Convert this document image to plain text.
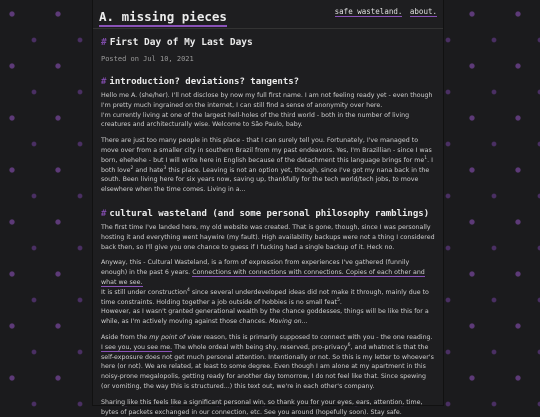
A. missing pieces	safe wasteland. about.
# First Day of My Last Days
Posted on Jul 10, 2021
# introduction? deviations? tangents?

Hello me A. (she/her). I'll not disclose by now my full first name. I am not feeling ready yet - even though I'm pretty much ingrained on the internet, I can still find a sense of anonymity over here.
I'm currently living at one of the largest hell-holes of the third world - both in the number of living creatures and architecturally wise. Welcome to São Paulo, baby.

There are just too many people in this place - that I can surely tell you. Fortunately, I've managed to move over from a smaller city in southern Brazil from my past endeavors. Yes, I'm Brazillian - since I was born, ehehehe - but I will write here in English because of the detachment this language brings for $me^1$. I both love$^2$ and hate$^3$ this place. Leaving is not an option yet, though, since I've got my nana back in the south. Been living here for six years now, saving up, thankfully for the tech world/tech jobs, to move elsewhere when the time comes. Living in a...

# cultural wasteland (and some personal philosophy ramblings)

The first time I've landed here, my old website was created. That is gone, though, since I was personally hosting it and everything went haywire (my fault). High availability backups were not a thing I considered back then, so I'll give you one chance to guess if I fucking had a single backup of it. Heck no.

Anyway, this - Cultural Wasteland, is a form of expression from experiences I've gathered (funnily enough) in the past 6 years. Connections with connections with connections. Copies of each other and what we see.
It is still under construction$^4$ since several underdeveloped ideas did not make it through, mainly due to time constraints. Holding together a job outside of hobbies is no small feat$^5$.
However, as I wasn't granted generational wealth by the chance goddesses, things will be like this for a while, as I'm actively moving against those chances. Moving on...

Aside from the my point of view reason, this is primarily supposed to connect with you - the one reading. I see you, you see me. The whole ordeal with being shy, reserved, pro-privacy$^6$, and whatnot is that the self-exposure does not get much personal attention. Intentionally or not. So this is my letter to whoever's here (or not). We are related, at least to some degree. Even though I am alone at my apartment in this noisy-prone megalopolis, getting ready for another day tomorrow, I do not feel like that. Since spewing (or vomiting, the way this is structured...) this text out, we're in each other's company.

Sharing like this feels like a significant personal win, so thank you for your eyes, ears, attention, time, bytes of packets exchanged in our connection, etc. See you around (hopefully soon). Stay safe.
